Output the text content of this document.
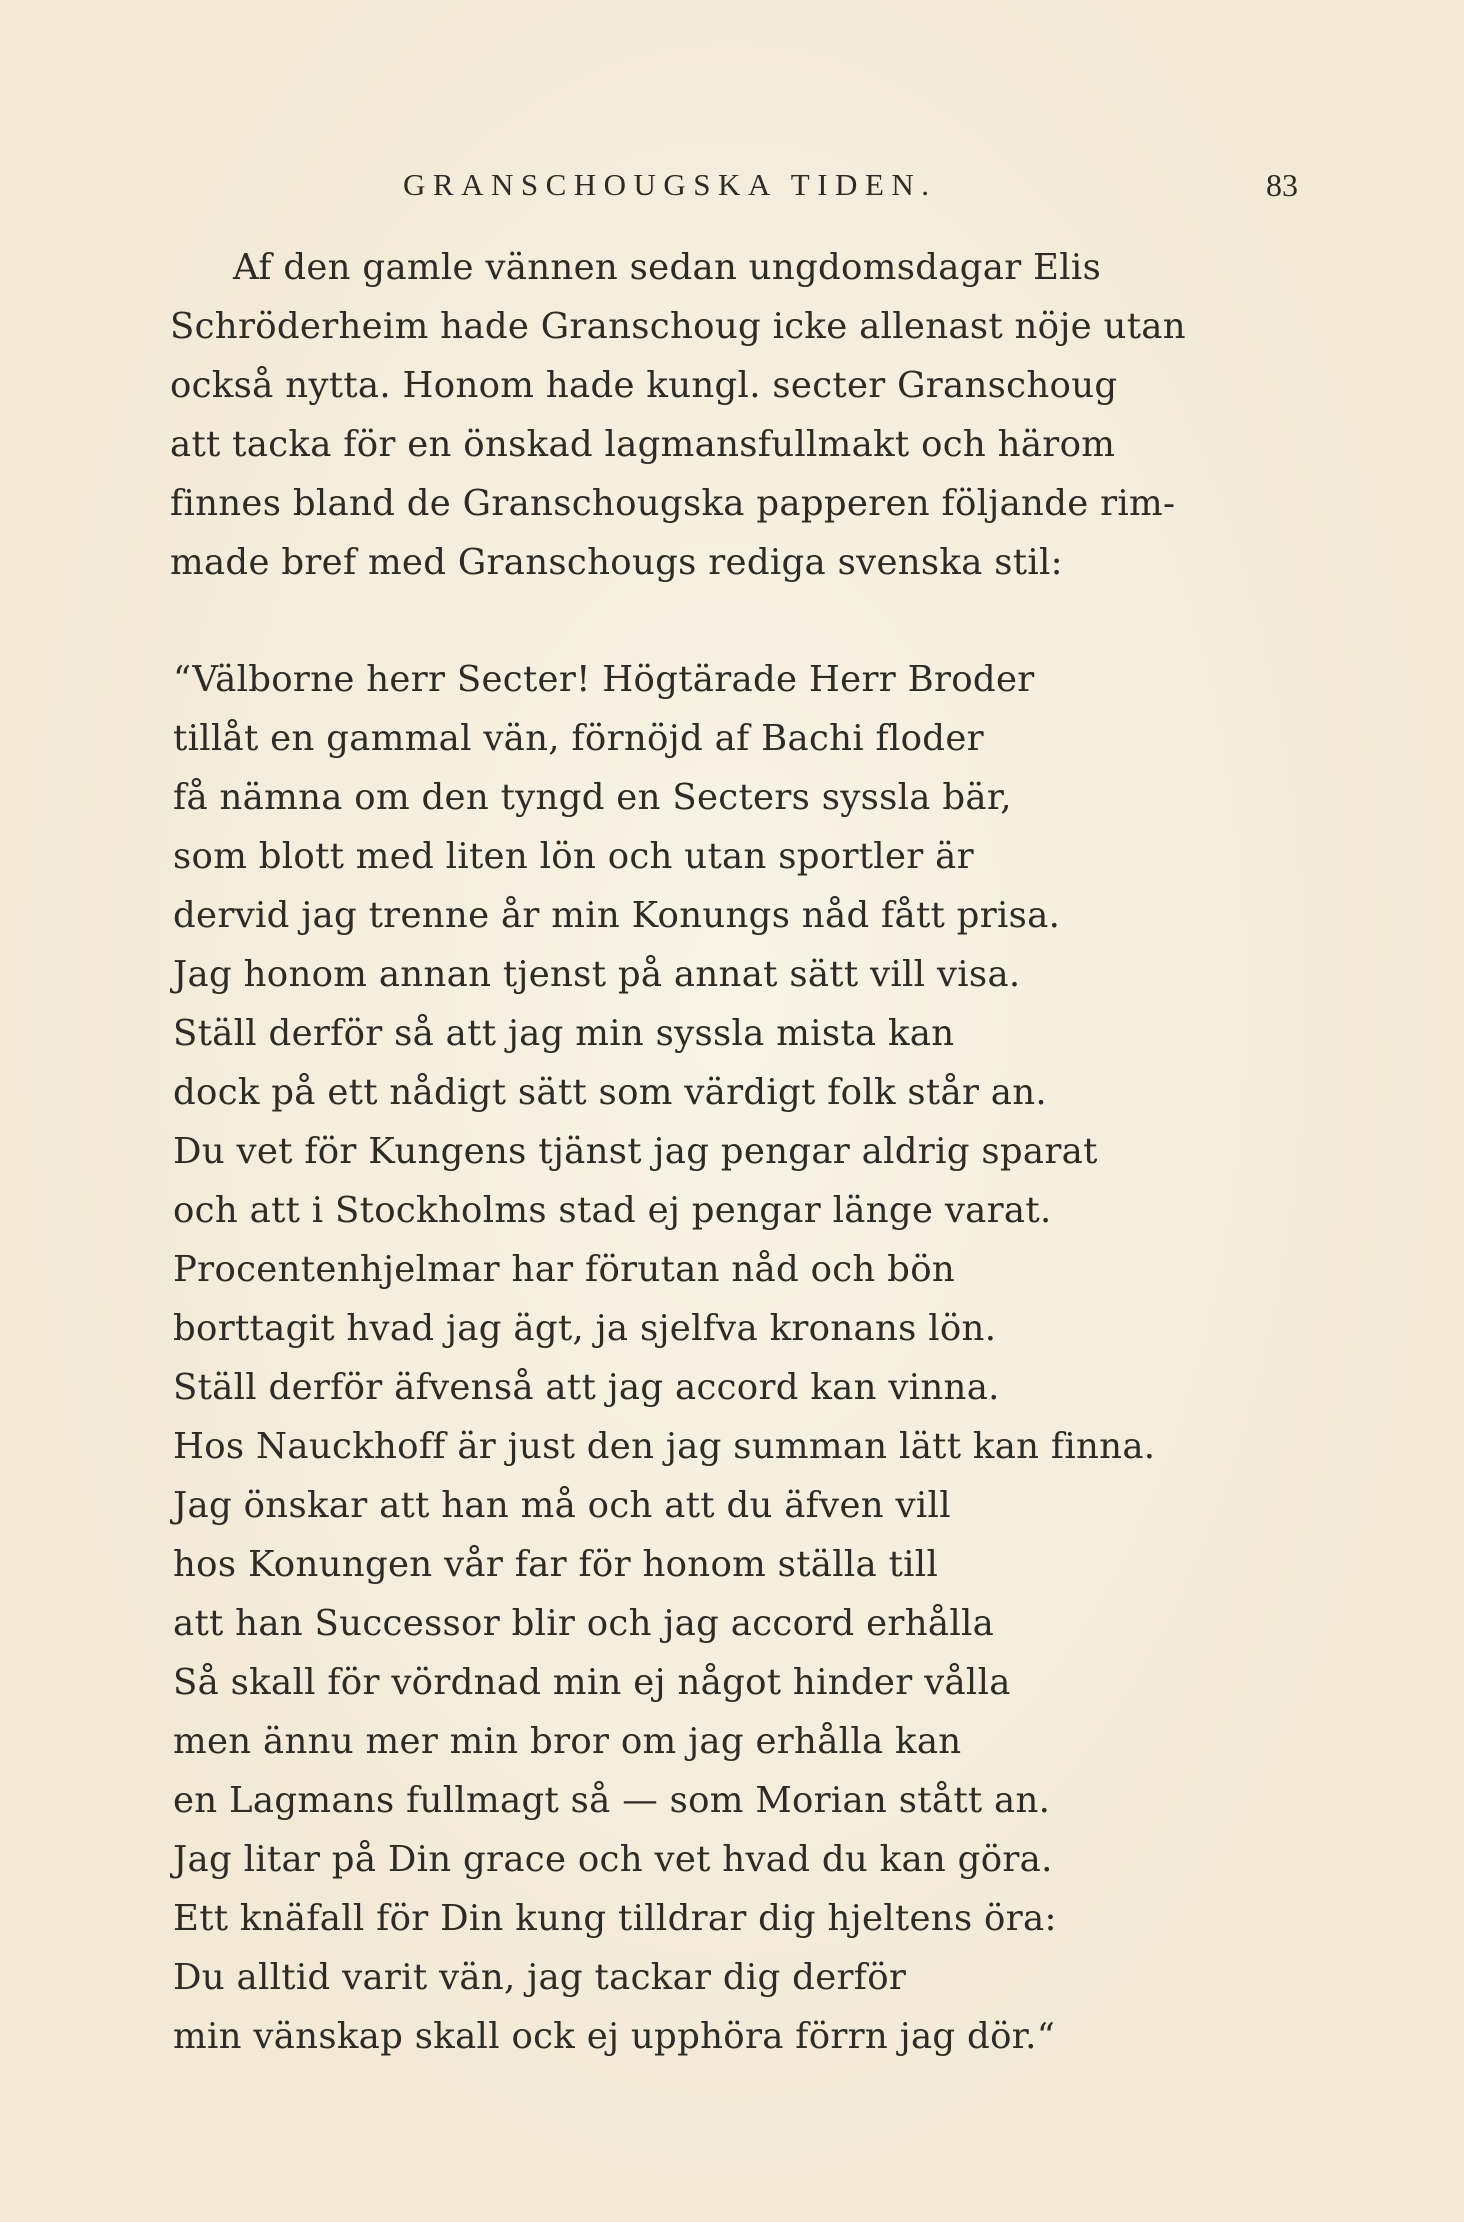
GRANSCHOUGSKA TIDEN.	83
Af den gamle vännen sedan ungdomsdagar Elis
Schröderheim hade Granschoug icke allenast nöje utan
också nytta. Honom hade kungl. secter Granschoug
att tacka för en önskad lagmansfullmakt och härom
finnes bland de Granschougska papperen följande rim-
made bref med Granschougs rediga svenska stil:
“Välborne herr Secter! Högtärade Herr Broder
tillåt en gammal vän, förnöjd af Bachi floder
få nämna om den tyngd en Secters syssla bär,
som blott med liten lön och utan sportler är
dervid jag trenne år min Konungs nåd fått prisa.
Jag honom annan tjenst på annat sätt vill visa.
Ställ derför så att jag min syssla mista kan
dock på ett nådigt sätt som värdigt folk står an.
Du vet för Kungens tjänst jag pengar aldrig sparat
och att i Stockholms stad ej pengar länge varat.
Procentenhjelmar har förutan nåd och bön
borttagit hvad jag ägt, ja sjelfva kronans lön.
Ställ derför äfvenså att jag accord kan vinna.
Hos Nauckhoff är just den jag summan lätt kan finna.
Jag önskar att han må och att du äfven vill
hos Konungen vår far för honom ställa till
att han Successor blir och jag accord erhålla
Så skall för vördnad min ej något hinder vålla
men ännu mer min bror om jag erhålla kan
en Lagmans fullmagt så — som Morian stått an.
Jag litar på Din grace och vet hvad du kan göra.
Ett knäfall för Din kung tilldrar dig hjeltens öra:
Du alltid varit vän, jag tackar dig derför
min vänskap skall ock ej upphöra förrn jag dör.“
